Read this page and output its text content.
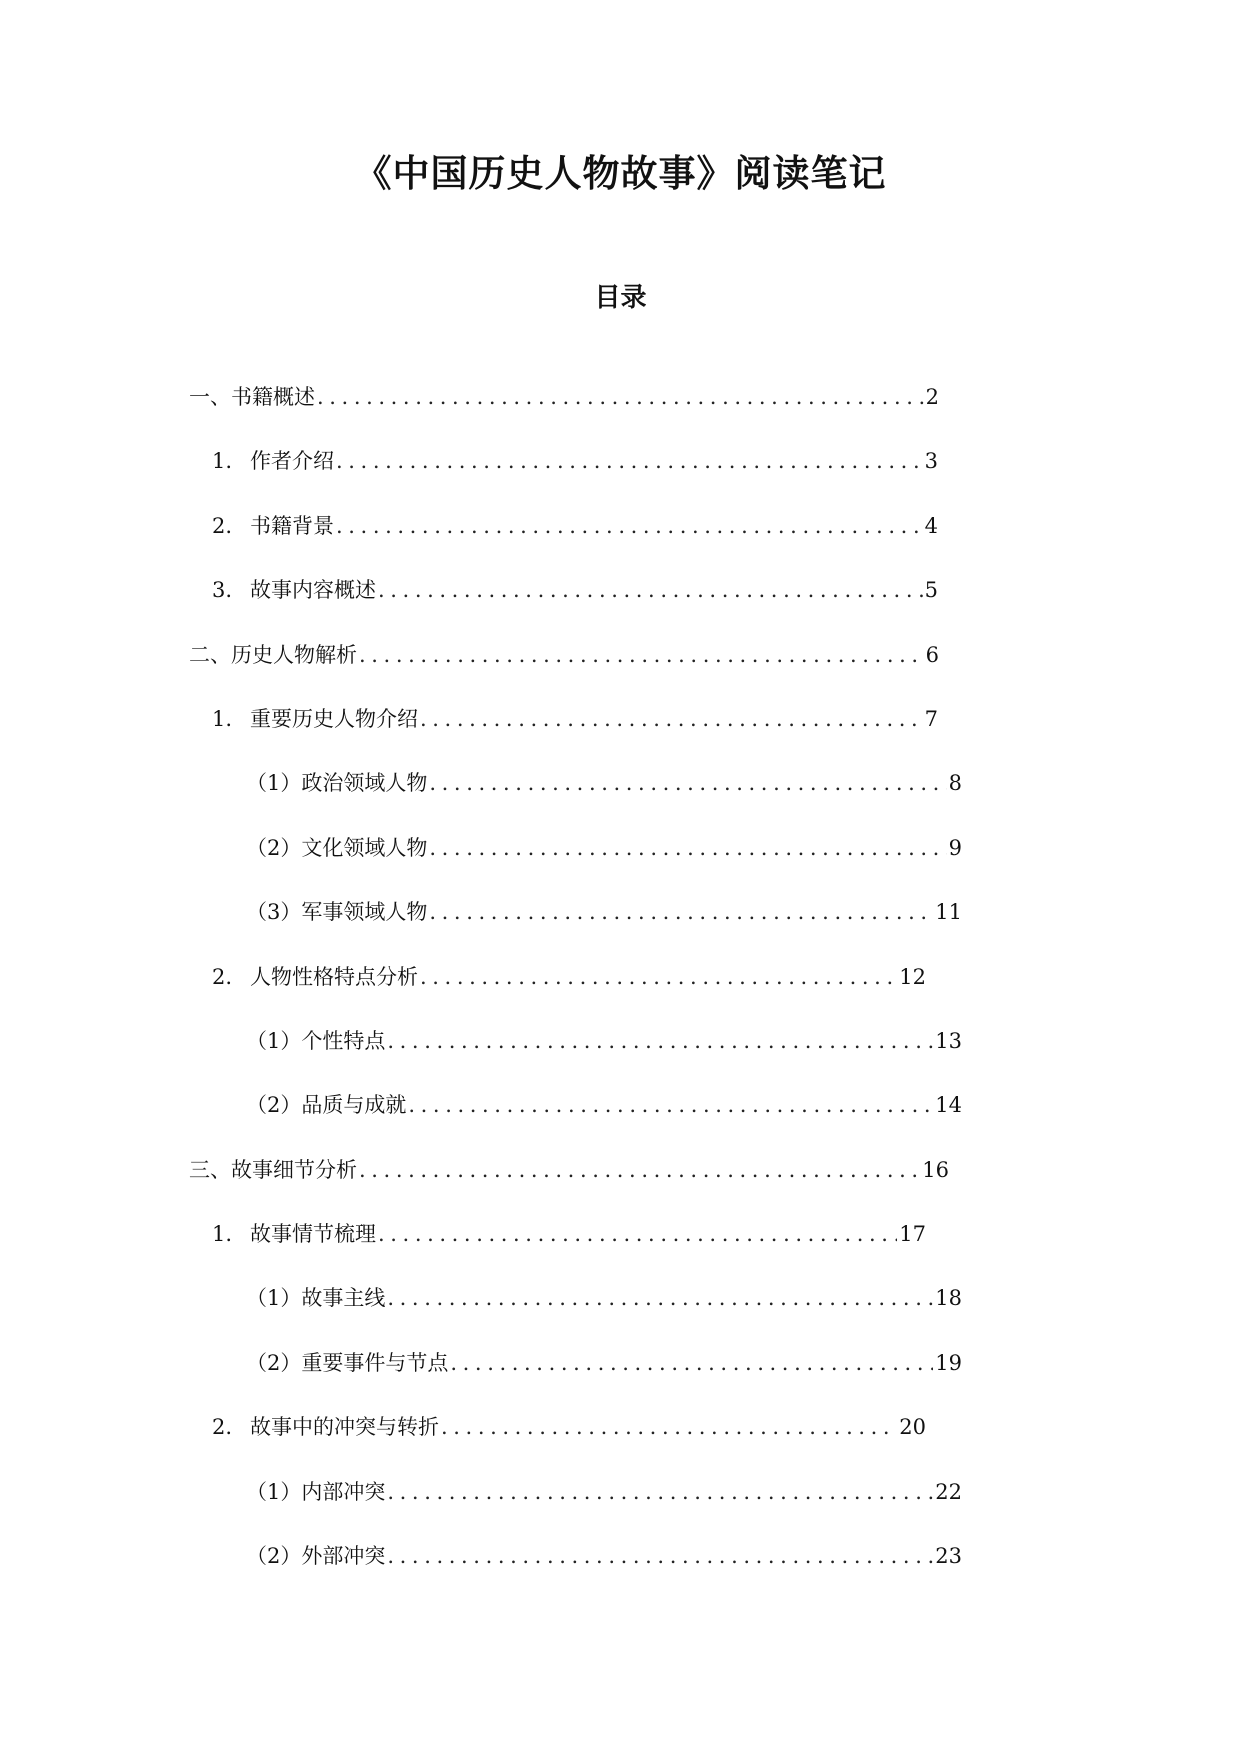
《中国历史人物故事》阅读笔记
目录
一、书籍概述 .....	2
1. 作者介绍 .....	3
2. 书籍背景 .....	4
3. 故事内容概述 .....	5
二、历史人物解析 .....	6
1. 重要历史人物介绍 .....	7
（1）政治领域人物 .....	8
（2）文化领域人物 .....	9
（3）军事领域人物 .....	11
2. 人物性格特点分析 .....	12
（1）个性特点 .....	13
（2）品质与成就 .....	14
三、故事细节分析 .....	16
1. 故事情节梳理 .....	17
（1）故事主线 .....	18
（2）重要事件与节点 .....	19
2. 故事中的冲突与转折 .....	20
（1）内部冲突 .....	22
（2）外部冲突 .....	23
